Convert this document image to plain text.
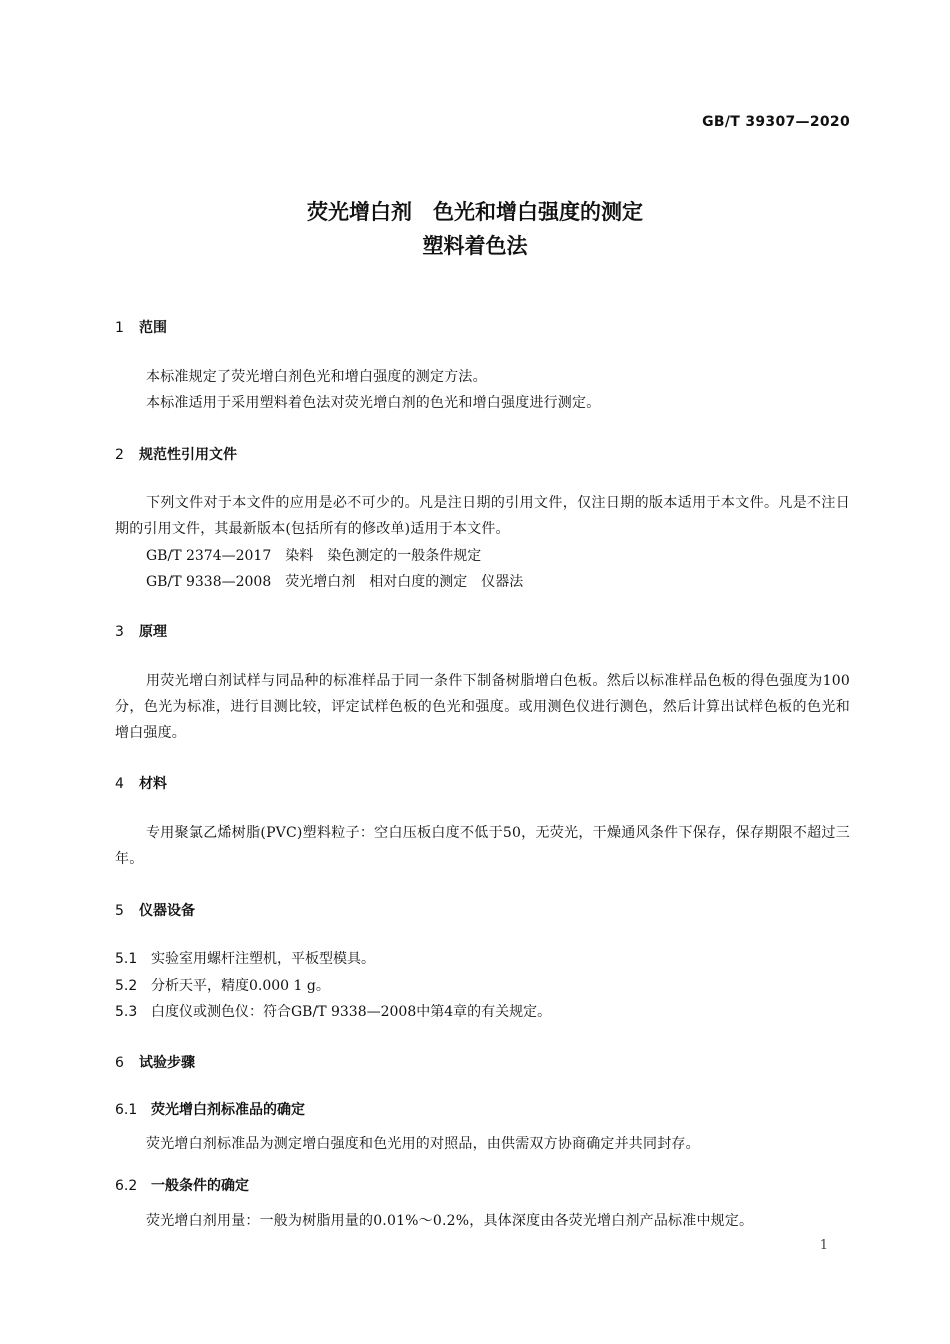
GB/T 39307—2020
荧光增白剂　色光和增白强度的测定
塑料着色法
1 范围
本标准规定了荧光增白剂色光和增白强度的测定方法。
本标准适用于采用塑料着色法对荧光增白剂的色光和增白强度进行测定。
2 规范性引用文件
下列文件对于本文件的应用是必不可少的。凡是注日期的引用文件，仅注日期的版本适用于本文件。凡是不注日期的引用文件，其最新版本(包括所有的修改单)适用于本文件。
GB/T 2374—2017　染料　染色测定的一般条件规定
GB/T 9338—2008　荧光增白剂　相对白度的测定　仪器法
3 原理
用荧光增白剂试样与同品种的标准样品于同一条件下制备树脂增白色板。然后以标准样品色板的得色强度为100分，色光为标准，进行目测比较，评定试样色板的色光和强度。或用测色仪进行测色，然后计算出试样色板的色光和增白强度。
4 材料
专用聚氯乙烯树脂(PVC)塑料粒子：空白压板白度不低于50，无荧光，干燥通风条件下保存，保存期限不超过三年。
5 仪器设备
5.1 实验室用螺杆注塑机，平板型模具。
5.2 分析天平，精度0.000 1 g。
5.3 白度仪或测色仪：符合GB/T 9338—2008中第4章的有关规定。
6 试验步骤
6.1 荧光增白剂标准品的确定
荧光增白剂标准品为测定增白强度和色光用的对照品，由供需双方协商确定并共同封存。
6.2 一般条件的确定
荧光增白剂用量：一般为树脂用量的0.01%～0.2%，具体深度由各荧光增白剂产品标准中规定。
1
